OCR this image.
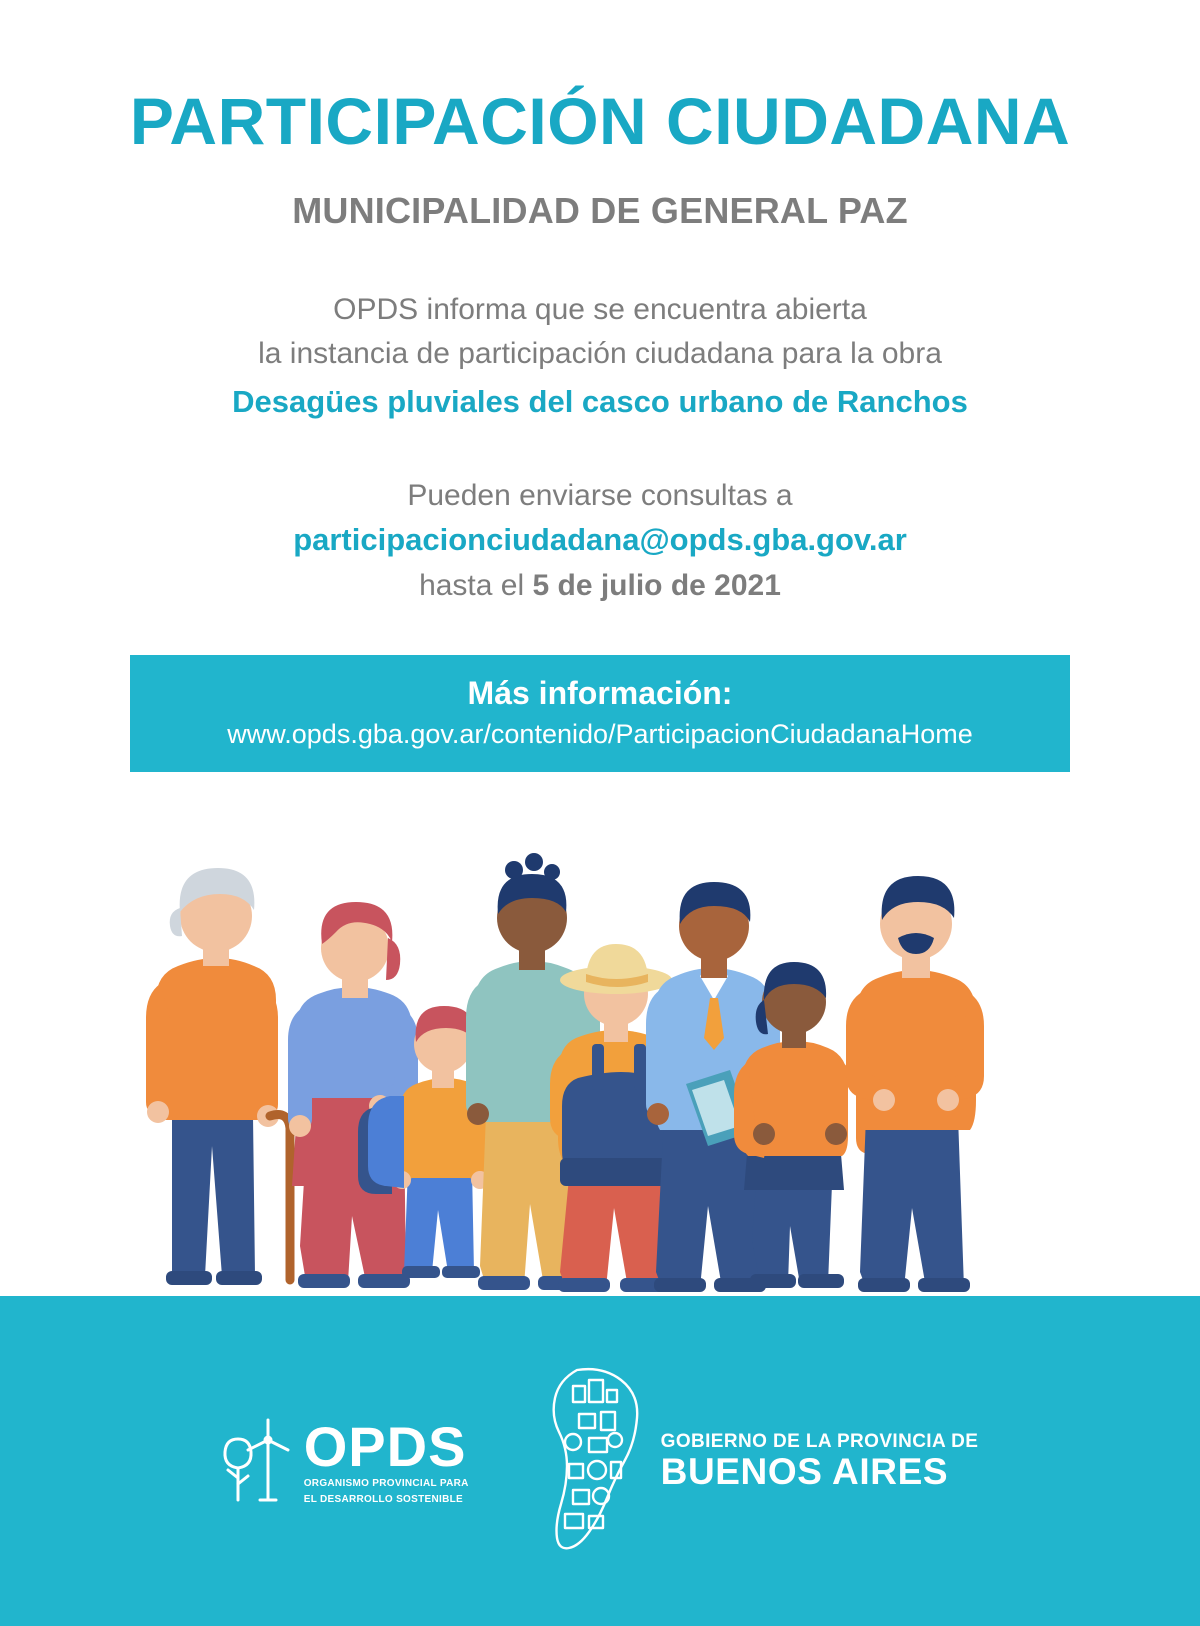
PARTICIPACIÓN CIUDADANA
MUNICIPALIDAD DE GENERAL PAZ
OPDS informa que se encuentra abierta
la instancia de participación ciudadana para la obra
Desagües pluviales del casco urbano de Ranchos
Pueden enviarse consultas a
participacionciudadana@opds.gba.gov.ar
hasta el 5 de julio de 2021
Más información:
www.opds.gba.gov.ar/contenido/ParticipacionCiudadanaHome
OPDS
ORGANISMO PROVINCIAL PARA
EL DESARROLLO SOSTENIBLE
GOBIERNO DE LA PROVINCIA DE
BUENOS AIRES
